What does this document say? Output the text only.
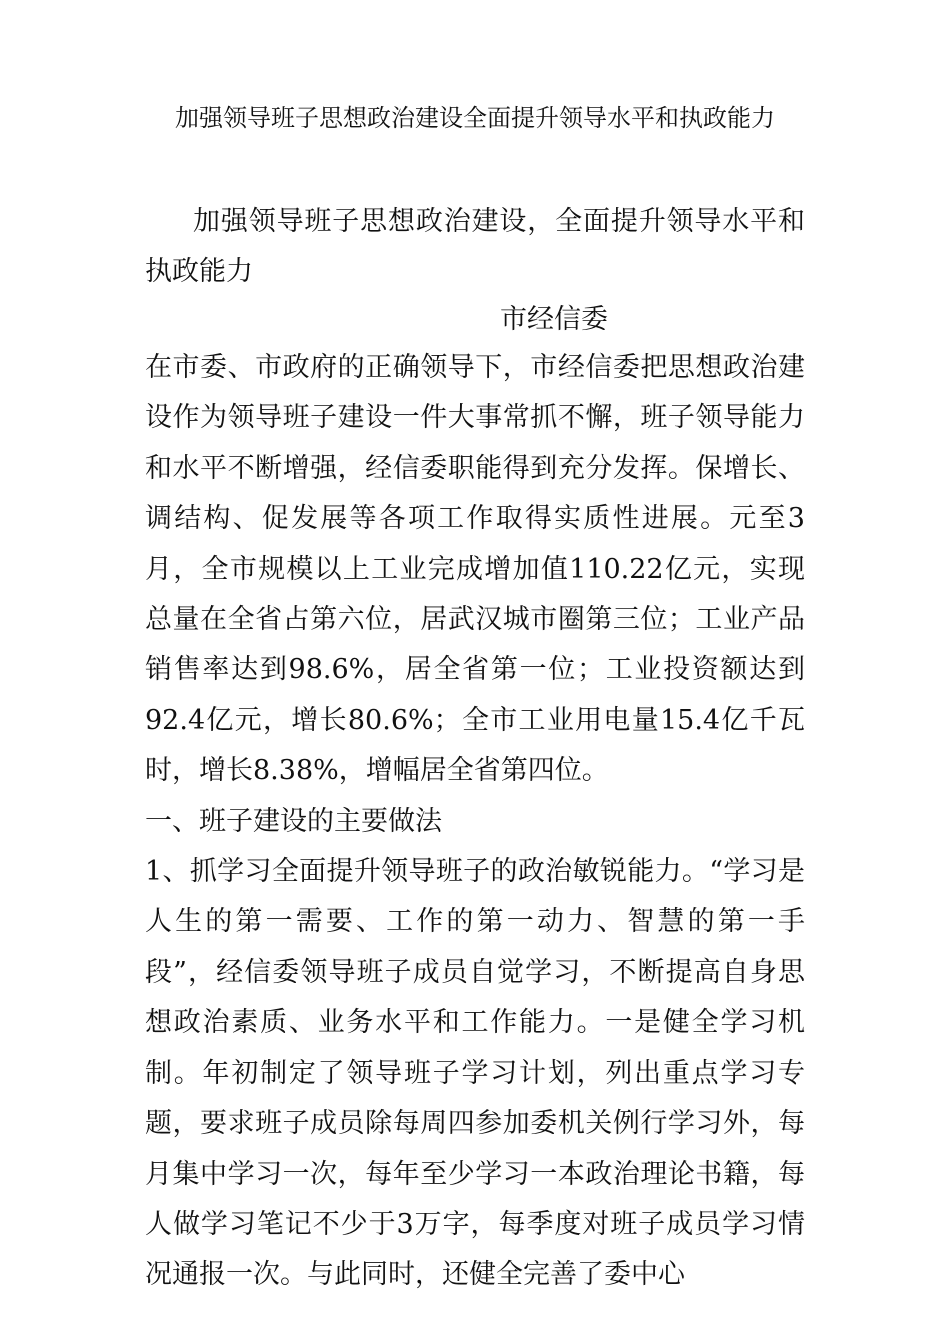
加强领导班子思想政治建设全面提升领导水平和执政能力
加强领导班子思想政治建设，全面提升领导水平和执政能力
市经信委

在市委、市政府的正确领导下，市经信委把思想政治建设作为领导班子建设一件大事常抓不懈，班子领导能力和水平不断增强，经信委职能得到充分发挥。保增长、调结构、促发展等各项工作取得实质性进展。元至3月，全市规模以上工业完成增加值110.22亿元，实现总量在全省占第六位，居武汉城市圈第三位；工业产品销售率达到98.6%，居全省第一位；工业投资额达到92.4亿元，增长80.6%；全市工业用电量15.4亿千瓦时，增长8.38%，增幅居全省第四位。

一、班子建设的主要做法

1、抓学习全面提升领导班子的政治敏锐能力。“学习是人生的第一需要、工作的第一动力、智慧的第一手段”，经信委领导班子成员自觉学习，不断提高自身思想政治素质、业务水平和工作能力。一是健全学习机制。年初制定了领导班子学习计划，列出重点学习专题，要求班子成员除每周四参加委机关例行学习外，每月集中学习一次，每年至少学习一本政治理论书籍，每人做学习笔记不少于3万字，每季度对班子成员学习情况通报一次。与此同时，还健全完善了委中心
